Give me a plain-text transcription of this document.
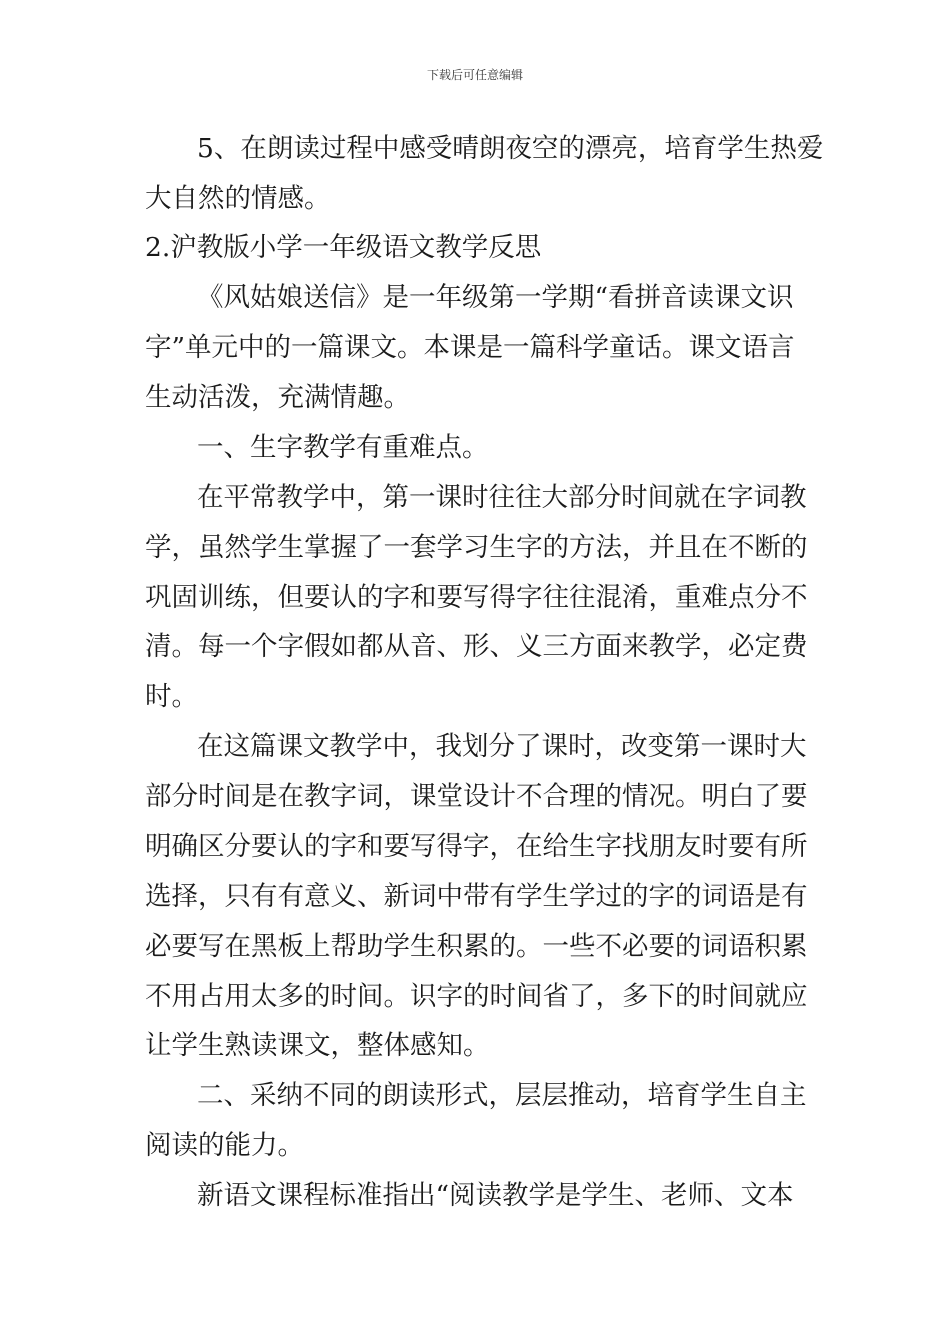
下载后可任意编辑
5、在朗读过程中感受晴朗夜空的漂亮，培育学生热爱
大自然的情感。
2.沪教版小学一年级语文教学反思
《风姑娘送信》是一年级第一学期“看拼音读课文识
字”单元中的一篇课文。本课是一篇科学童话。课文语言
生动活泼，充满情趣。
一、生字教学有重难点。
在平常教学中，第一课时往往大部分时间就在字词教
学，虽然学生掌握了一套学习生字的方法，并且在不断的
巩固训练，但要认的字和要写得字往往混淆，重难点分不
清。每一个字假如都从音、形、义三方面来教学，必定费
时。
在这篇课文教学中，我划分了课时，改变第一课时大
部分时间是在教字词，课堂设计不合理的情况。明白了要
明确区分要认的字和要写得字，在给生字找朋友时要有所
选择，只有有意义、新词中带有学生学过的字的词语是有
必要写在黑板上帮助学生积累的。一些不必要的词语积累
不用占用太多的时间。识字的时间省了，多下的时间就应
让学生熟读课文，整体感知。
二、采纳不同的朗读形式，层层推动，培育学生自主
阅读的能力。
新语文课程标准指出“阅读教学是学生、老师、文本
